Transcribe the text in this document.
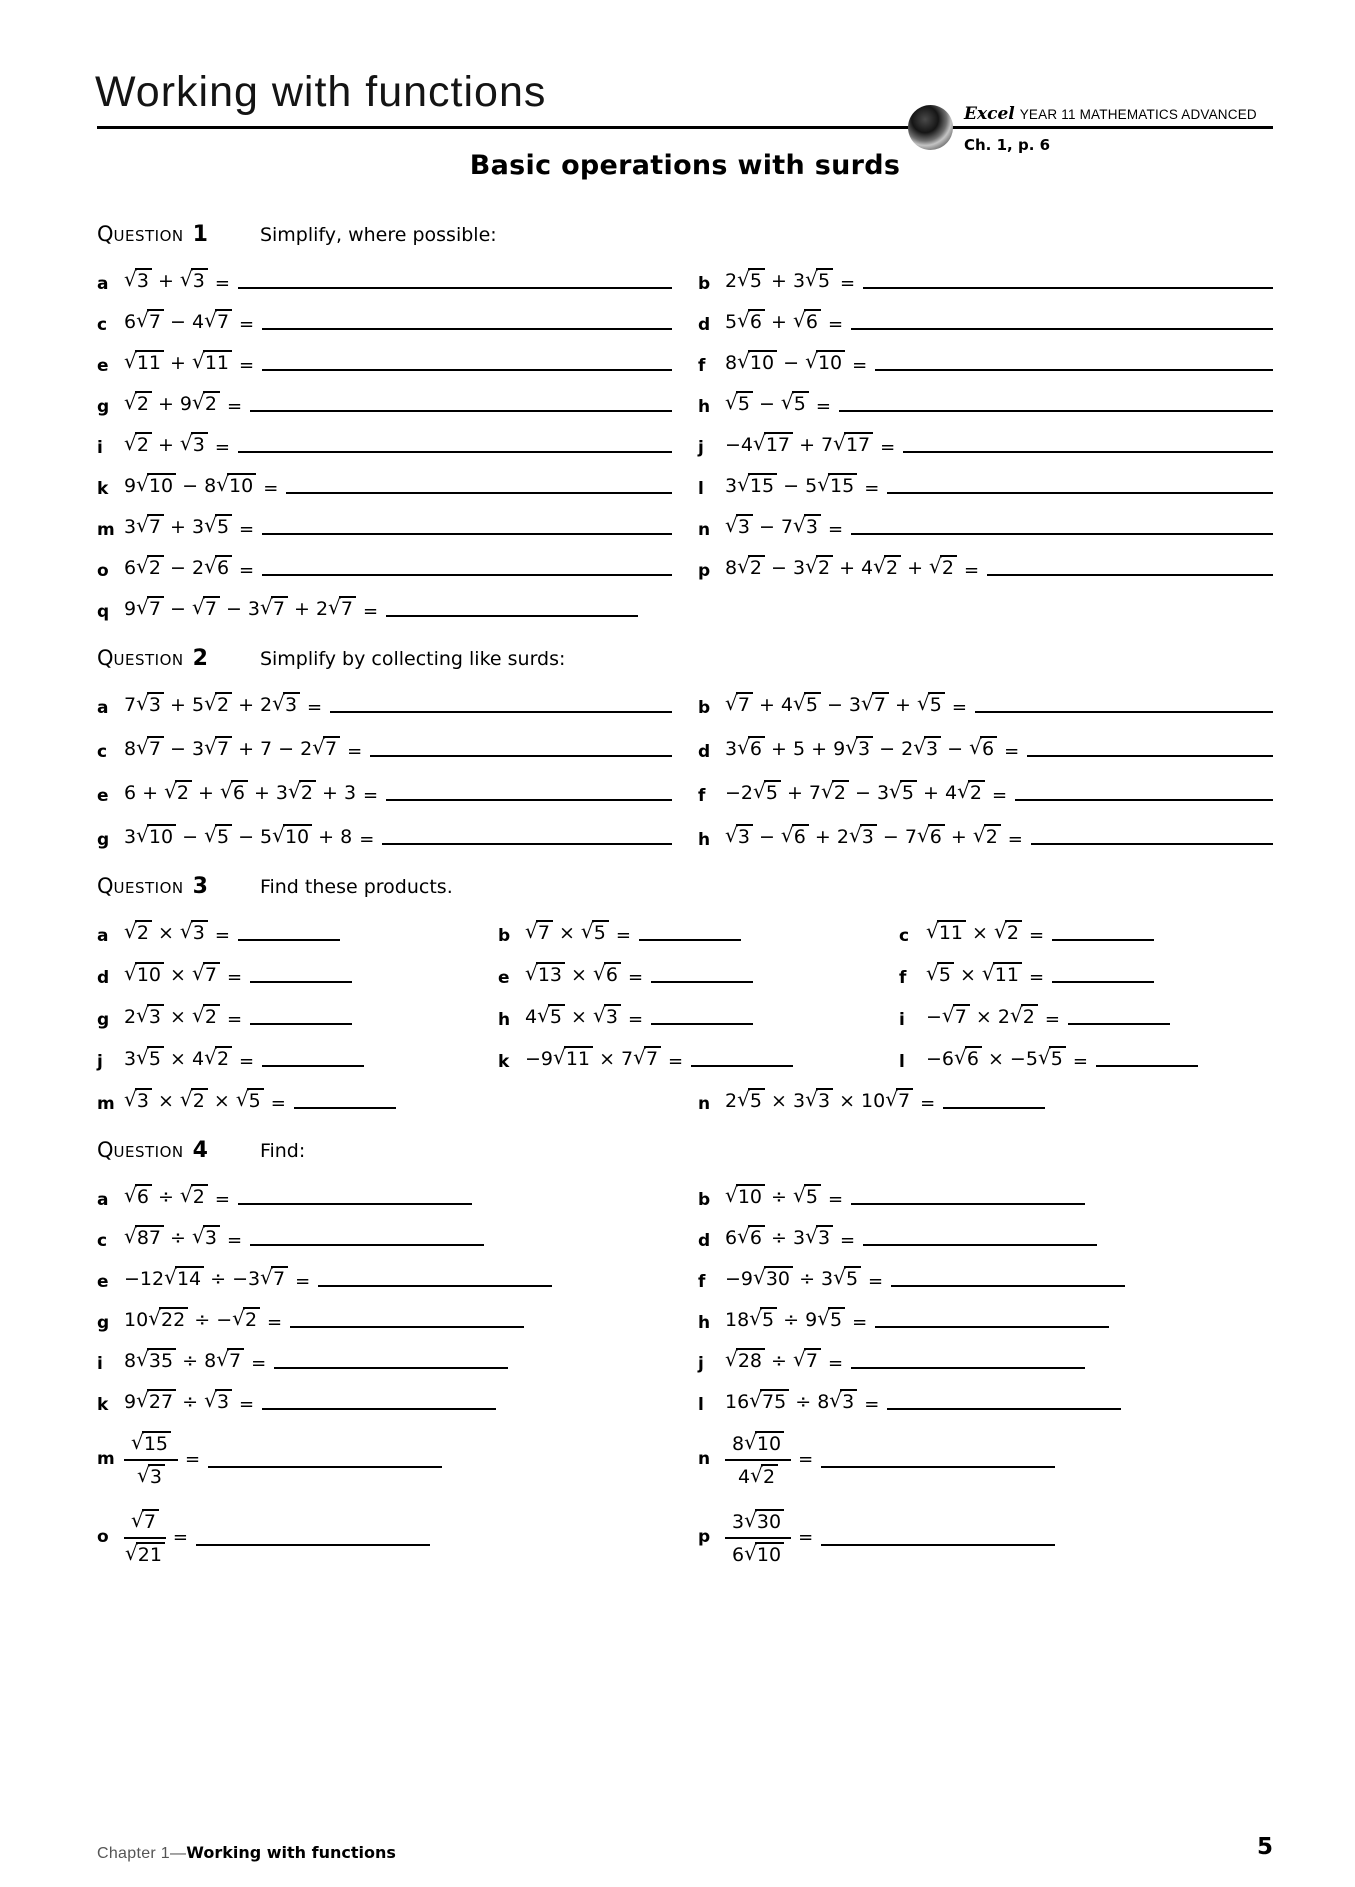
Working with functions	Excel YEAR 11 MATHEMATICS ADVANCED
Ch. 1, p. 6
Basic operations with surds
QUESTION 1	Simplify, where possible:
a √3 + √3 =	b 2√5 + 3√5 =
c 6√7 − 4√7 =	d 5√6 + √6 =
e √11 + √11 =	f	8√10 − √10 =
g √2 + 9√2 =	h √5 − √5 =
i	√2 + √3 =	j	−4√17 + 7√17 =
k 9√10 − 8√10 =	l	3√15 − 5√15 =
m 3√7 + 3√5 =	n √3 − 7√3 =
o 6√2 − 2√6 =	p 8√2 − 3√2 + 4√2 + √2 =
q 9√7 − √7 − 3√7 + 2√7 =
QUESTION 2	Simplify by collecting like surds:
a 7√3 + 5√2 + 2√3 =	b √7 + 4√5 − 3√7 + √5 =
c 8√7 − 3√7 + 7 − 2√7 =	d 3√6 + 5 + 9√3 − 2√3 − √6 =
e 6 + √2 + √6 + 3√2 + 3 =	f	−2√5 + 7√2 − 3√5 + 4√2 =
g 3√10 − √5 − 5√10 + 8 =	h √3 − √6 + 2√3 − 7√6 + √2 =
QUESTION 3	Find these products.
a √2 × √3 =	b √7 × √5 =	c √11 × √2 =
d √10 × √7 =	e √13 × √6 =	f √5 × √11 =
g 2√3 × √2 =	h 4√5 × √3 =	i	−√7 × 2√2 =
j	3√5 × 4√2 =	k −9√11 × 7√7 =	l	−6√6 × −5√5 =
m √3 × √2 × √5 =	n 2√5 × 3√3 × 10√7 =
QUESTION 4	Find:
a √6 ÷ √2 =	b √10 ÷ √5 =
c √87 ÷ √3 =	d 6√6 ÷ 3√3 =
e −12√14 ÷ −3√7 =	f	−9√30 ÷ 3√5 =
g 10√22 ÷ −√2 =	h 18√5 ÷ 9√5 =
i	8√35 ÷ 8√7 =	j	√28 ÷ √7 =
k 9√27 ÷ √3 =	l	16√75 ÷ 8√3 =
m $\frac{√15}{√3}$ =	n $\frac{8√10}{4√2}$ =
o $\frac{√7}{√21}$ =	p $\frac{3√30}{6√10}$ =
Chapter 1—Working with functions	5
